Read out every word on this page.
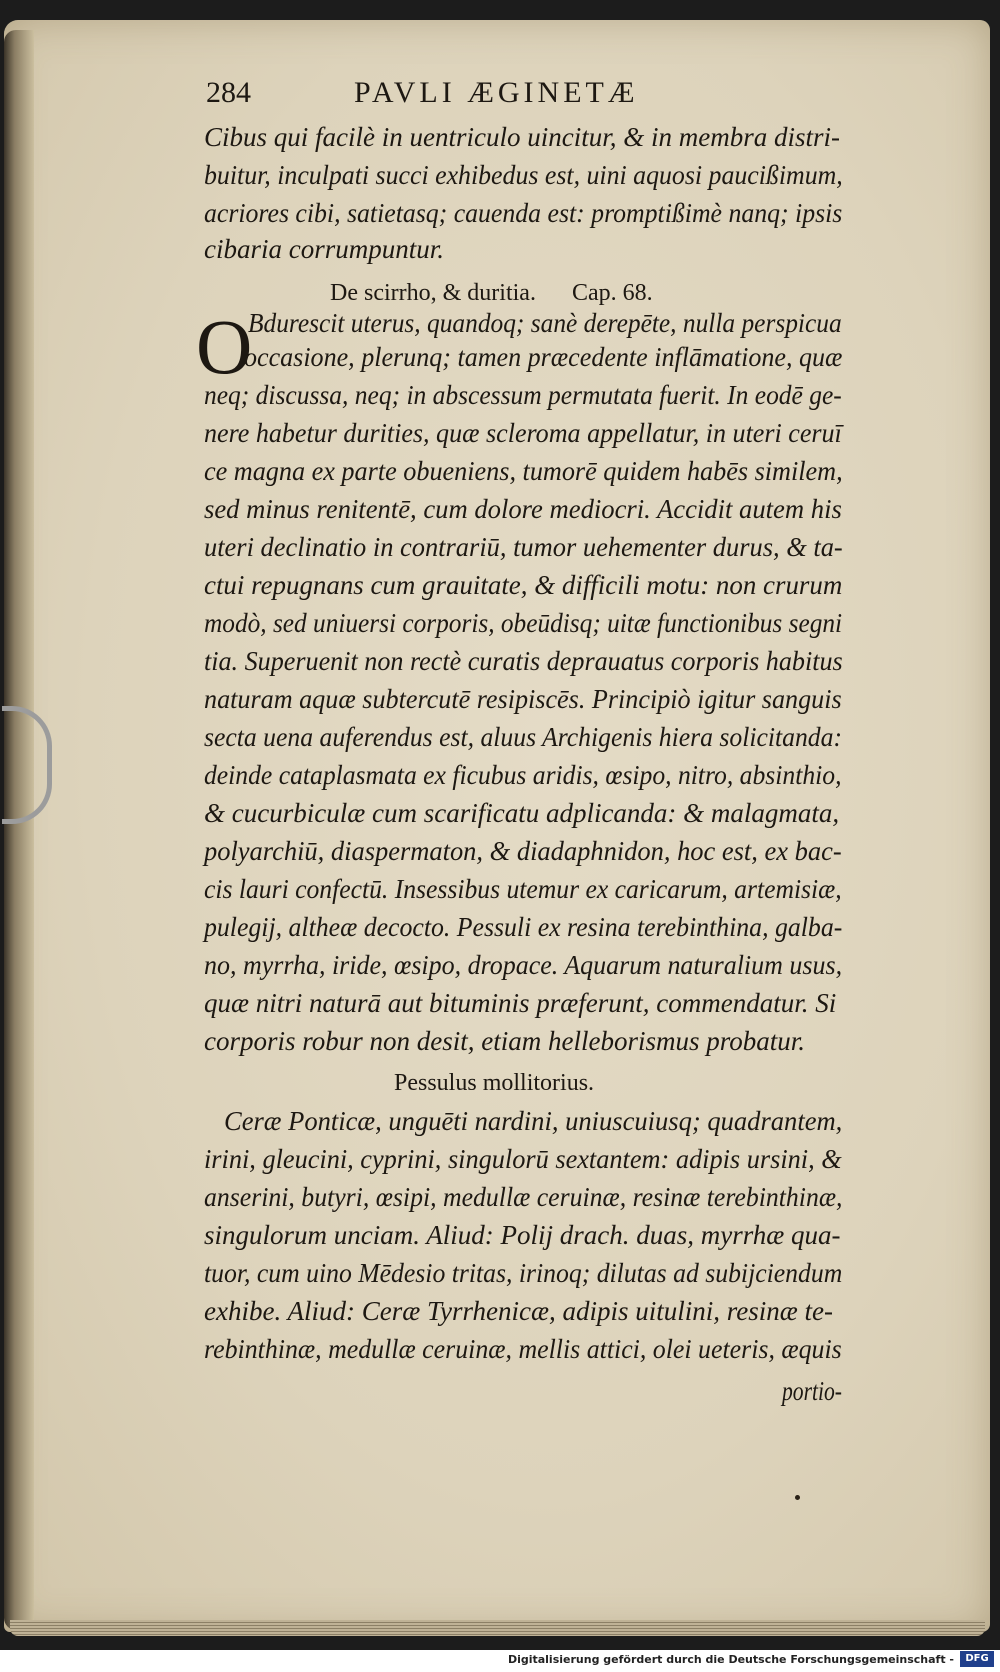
284	PAVLI ÆGINETÆ
O
Cibus qui facilè in uentriculo uincitur, & in membra distri-
buitur, inculpati succi exhibedus est, uini aquosi paucißimum,
acriores cibi, satietasq; cauenda est: promptißimè nanq; ipsis
cibaria corrumpuntur.
De scirrho, & duritia.      Cap. 68.
Bdurescit uterus, quandoq; sanè derepēte, nulla perspicua
occasione, plerunq; tamen præcedente inflāmatione, quæ
neq; discussa, neq; in abscessum permutata fuerit. In eodē ge-
nere habetur durities, quæ scleroma appellatur, in uteri ceruī
ce magna ex parte obueniens, tumorē quidem habēs similem,
sed minus renitentē, cum dolore mediocri. Accidit autem his
uteri declinatio in contrariū, tumor uehementer durus, & ta-
ctui repugnans cum grauitate, & difficili motu: non crurum
modò, sed uniuersi corporis, obeūdisq; uitæ functionibus segni
tia. Superuenit non rectè curatis deprauatus corporis habitus
naturam aquæ subtercutē resipiscēs. Principiò igitur sanguis
secta uena auferendus est, aluus Archigenis hiera solicitanda:
deinde cataplasmata ex ficubus aridis, œsipo, nitro, absinthio,
& cucurbiculæ cum scarificatu adplicanda: & malagmata,
polyarchiū, diaspermaton, & diadaphnidon, hoc est, ex bac-
cis lauri confectū. Insessibus utemur ex caricarum, artemisiæ,
pulegij, altheæ decocto. Pessuli ex resina terebinthina, galba-
no, myrrha, iride, œsipo, dropace. Aquarum naturalium usus,
quæ nitri naturā aut bituminis præferunt, commendatur. Si
corporis robur non desit, etiam helleborismus probatur.
Pessulus mollitorius.
Ceræ Ponticæ, unguēti nardini, uniuscuiusq; quadrantem,
irini, gleucini, cyprini, singulorū sextantem: adipis ursini, &
anserini, butyri, œsipi, medullæ ceruinæ, resinæ terebinthinæ,
singulorum unciam. Aliud: Polij drach. duas, myrrhæ qua-
tuor, cum uino Mēdesio tritas, irinoq; dilutas ad subijciendum
exhibe. Aliud: Ceræ Tyrrhenicæ, adipis uitulini, resinæ te-
rebinthinæ, medullæ ceruinæ, mellis attici, olei ueteris, æquis
portio-
Digitalisierung gefördert durch die Deutsche Forschungsgemeinschaft -	DFG
